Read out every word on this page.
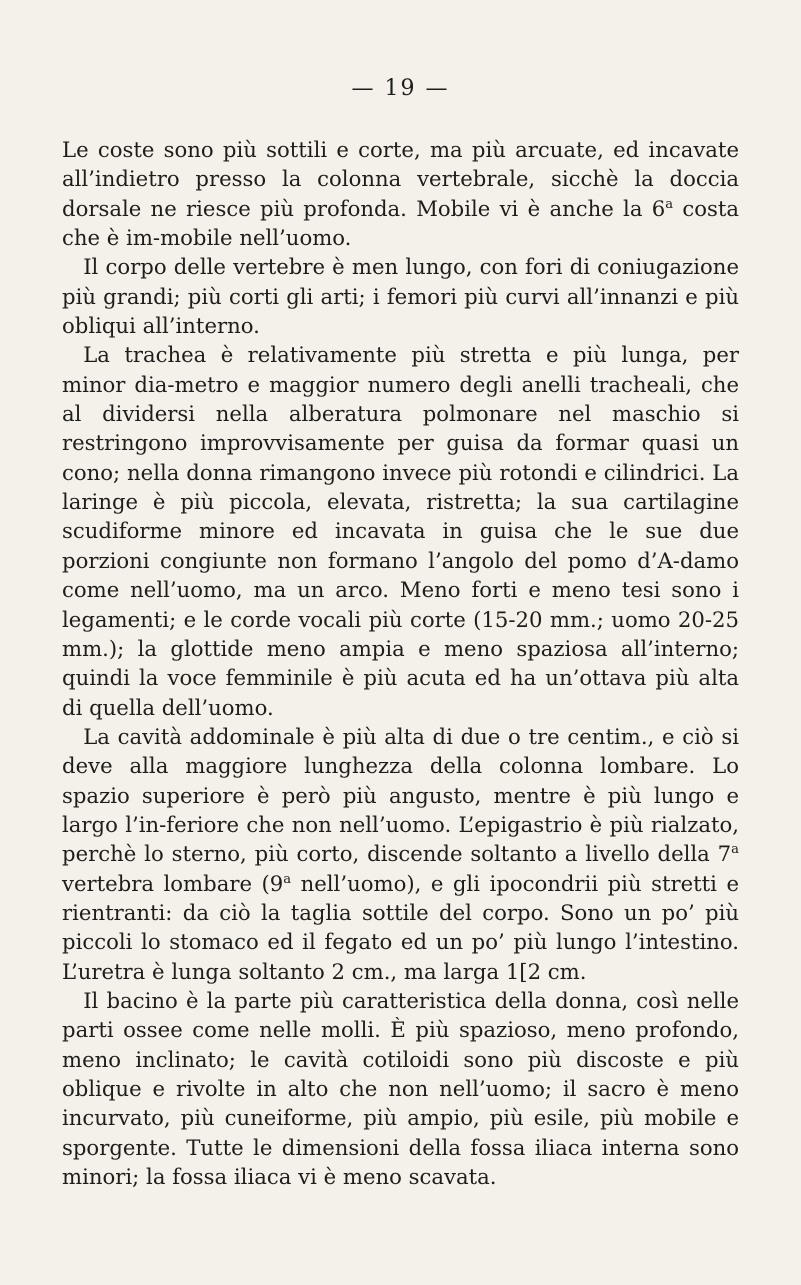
— 19 —

Le coste sono più sottili e corte, ma più arcuate, ed incavate all’indietro presso la colonna vertebrale, sicchè la doccia dorsale ne riesce più profonda. Mobile vi è anche la 6$^a$ costa che è im-mobile nell’uomo.

Il corpo delle vertebre è men lungo, con fori di coniugazione più grandi; più corti gli arti; i femori più curvi all’innanzi e più obliqui all’interno.

La trachea è relativamente più stretta e più lunga, per minor dia-metro e maggior numero degli anelli tracheali, che al dividersi nella alberatura polmonare nel maschio si restringono improvvisamente per guisa da formar quasi un cono; nella donna rimangono invece più rotondi e cilindrici. La laringe è più piccola, elevata, ristretta; la sua cartilagine scudiforme minore ed incavata in guisa che le sue due porzioni congiunte non formano l’angolo del pomo d’A-damo come nell’uomo, ma un arco. Meno forti e meno tesi sono i legamenti; e le corde vocali più corte (15-20 mm.; uomo 20-25 mm.); la glottide meno ampia e meno spaziosa all’interno; quindi la voce femminile è più acuta ed ha un’ottava più alta di quella dell’uomo.

La cavità addominale è più alta di due o tre centim., e ciò si deve alla maggiore lunghezza della colonna lombare. Lo spazio superiore è però più angusto, mentre è più lungo e largo l’in-feriore che non nell’uomo. L’epigastrio è più rialzato, perchè lo sterno, più corto, discende soltanto a livello della 7$^a$ vertebra lombare (9$^a$ nell’uomo), e gli ipocondrii più stretti e rientranti: da ciò la taglia sottile del corpo. Sono un po’ più piccoli lo stomaco ed il fegato ed un po’ più lungo l’intestino. L’uretra è lunga soltanto 2 cm., ma larga 1[2 cm.

Il bacino è la parte più caratteristica della donna, così nelle parti ossee come nelle molli. È più spazioso, meno profondo, meno inclinato; le cavità cotiloidi sono più discoste e più oblique e rivolte in alto che non nell’uomo; il sacro è meno incurvato, più cuneiforme, più ampio, più esile, più mobile e sporgente. Tutte le dimensioni della fossa iliaca interna sono minori; la fossa iliaca vi è meno scavata.
